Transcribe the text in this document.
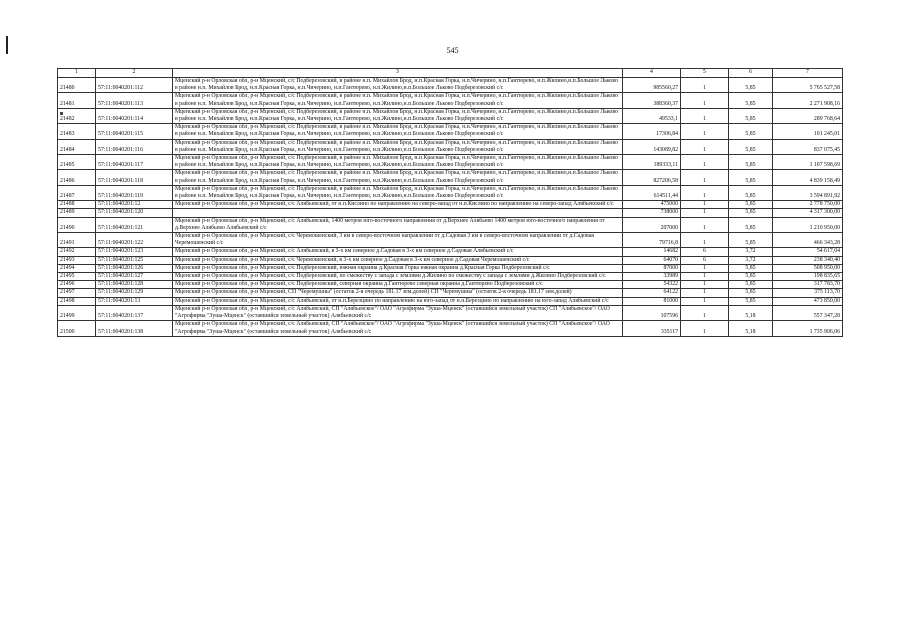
545
1	2	3	4	5	6	7
21480	57:11:0040201:112	Мценский р-н Орловская обл, р-н Мценский, с/с Подберезовский, в районе н.п. Михайлов Брод, н.п.Красная Горка, н.п.Чичерино, н.п.Гантюрево, н.п.Жилино,н.п.Большое Льково в районе н.п. Михайлов Брод, н.п.Красная Горка, н.п.Чичерино, н.п.Гантюрево, н.п.Жилино,н.п.Большое Льково Подберезовский с/с	985560,27	1	5,85	5 765 527,58
21481	57:11:0040201:113	Мценский р-н Орловская обл, р-н Мценский, с/с Подберезовский, в районе н.п. Михайлов Брод, н.п.Красная Горка, н.п.Чичерино, н.п.Гантюрево, н.п.Жилино,н.п.Большое Льково в районе н.п. Михайлов Брод, н.п.Красная Горка, н.п.Чичерино, н.п.Гантюрево, н.п.Жилино,н.п.Большое Льково Подберезовский с/с	388360,37	1	5,85	2 271 908,16
21482	57:11:0040201:114	Мценский р-н Орловская обл, р-н Мценский, с/с Подберезовский, в районе н.п. Михайлов Брод, н.п.Красная Горка, н.п.Чичерино, н.п.Гантюрево, н.п.Жилино,н.п.Большое Льково в районе н.п. Михайлов Брод, н.п.Красная Горка, н.п.Чичерино, н.п.Гантюрево, н.п.Жилино,н.п.Большое Льково Подберезовский с/с	49533,1	1	5,85	289 768,64
21483	57:11:0040201:115	Мценский р-н Орловская обл, р-н Мценский, с/с Подберезовский, в районе н.п. Михайлов Брод, н.п.Красная Горка, н.п.Чичерино, н.п.Гантюрево, н.п.Жилино,н.п.Большое Льково в районе н.п. Михайлов Брод, н.п.Красная Горка, н.п.Чичерино, н.п.Гантюрево, н.п.Жилино,н.п.Большое Льково Подберезовский с/с	17306,84	1	5,85	101 245,01
21484	57:11:0040201:116	Мценский р-н Орловская обл, р-н Мценский, с/с Подберезовский, в районе н.п. Михайлов Брод, н.п.Красная Горка, н.п.Чичерино, н.п.Гантюрево, н.п.Жилино,н.п.Большое Льково в районе н.п. Михайлов Брод, н.п.Красная Горка, н.п.Чичерино, н.п.Гантюрево, н.п.Жилино,н.п.Большое Льково Подберезовский с/с	143089,82	1	5,85	837 075,45
21485	57:11:0040201:117	Мценский р-н Орловская обл, р-н Мценский, с/с Подберезовский, в районе н.п. Михайлов Брод, н.п.Красная Горка, н.п.Чичерино, н.п.Гантюрево, н.п.Жилино,н.п.Большое Льково в районе н.п. Михайлов Брод, н.п.Красная Горка, н.п.Чичерино, н.п.Гантюрево, н.п.Жилино,н.п.Большое Льково Подберезовский с/с	189333,11	1	5,85	1 107 598,69
21486	57:11:0040201:118	Мценский р-н Орловская обл, р-н Мценский, с/с Подберезовский, в районе н.п. Михайлов Брод, н.п.Красная Горка, н.п.Чичерино, н.п.Гантюрево, н.п.Жилино,н.п.Большое Льково в районе н.п. Михайлов Брод, н.п.Красная Горка, н.п.Чичерино, н.п.Гантюрево, н.п.Жилино,н.п.Большое Льково Подберезовский с/с	827206,58	1	5,85	4 839 158,49
21487	57:11:0040201:119	Мценский р-н Орловская обл, р-н Мценский, с/с Подберезовский, в районе н.п. Михайлов Брод, н.п.Красная Горка, н.п.Чичерино, н.п.Гантюрево, н.п.Жилино,н.п.Большое Льково в районе н.п. Михайлов Брод, н.п.Красная Горка, н.п.Чичерино, н.п.Гантюрево, н.п.Жилино,н.п.Большое Льково Подберезовский с/с	614511,44	1	5,85	3 594 891,92
21488	57:11:0040201:12	Мценский р-н Орловская обл, р-н Мценский, с/с Алябьевский, от н.п.Кислино по направлению на северо-запад от н.п.Кислино по направлению на северо-запад Алябьевский с/с	475000	1	5,85	2 778 750,00
21489	57:11:0040201:120		738000	1	5,85	4 317 300,00
21490	57:11:0040201:121	Мценский р-н Орловская обл, р-н Мценский, с/с Алябьевский, 1400 метров юго-восточного направления от д.Верхнее Алябьево 1400 метров юго-восточного направления от д.Верхнее Алябьево Алябьевский с/с	207000	1	5,85	1 210 950,00
21491	57:11:0040201:122	Мценский р-н Орловская обл, р-н Мценский, с/с Черемошенский, 3 км в северо-восточном направлении от д.Садовая 3 км в северо-восточном направлении от д.Садовая Черемошенский с/с	79716,8	1	5,85	466 343,28
21492	57:11:0040201:123	Мценский р-н Орловская обл, р-н Мценский, с/с Алябьевский, в 3-х км северное д.Садовая в 3-х км северное д.Садовая Алябьевский с/с	14682	6	3,72	54 617,04
21493	57:11:0040201:125	Мценский р-н Орловская обл, р-н Мценский, с/с Черемошенский, в 3-х км северное д.Садовая в 3-х км северное д.Садовая Черемошенский с/с	64070	6	3,72	238 340,40
21494	57:11:0040201:126	Мценский р-н Орловская обл, р-н Мценский, с/с Подберезовский, южная окраина д.Красная Горка южная окраина д.Красная Горка Подберезовский с/с	87000	1	5,85	508 950,00
21495	57:11:0040201:127	Мценский р-н Орловская обл, р-н Мценский, с/с Подберезовский, по смежеству с запада с землями д.Жилино по смежеству с запада с землями д.Жилино Подберезовский с/с	33989	1	5,85	198 835,65
21496	57:11:0040201:128	Мценский р-н Орловская обл, р-н Мценский, с/с Подберезовский, северная окраина д.Гантюрево северная окраина д.Гантюрево Подберезовский с/с	54322	1	5,85	317 783,70
21497	57:11:0040201:129	Мценский р-н Орловская обл, р-н Мценский, СП "Черемушны" (остаток 2-я очередь 181.17 зем.долей) СП "Черемушны" (остаток 2-я очередь 181.17 зем.долей)	64122	1	5,85	375 113,70
21498	57:11:0040201:13	Мценский р-н Орловская обл, р-н Мценский, с/с Алябьевский, от н.п.Березцино по направлению на юго-запад от н.п.Березцино по направлению на юго-запад Алябьевский с/с	81000	1	5,85	473 850,00
21499	57:11:0040201:137	Мценский р-н Орловская обл, р-н Мценский, с/с Алябьевский, СП "Алябьевское"/ ОАО "Агрофирма "Зуша-Мценск" (оставшийся земельный участок) СП "Алябьевское"/ ОАО "Агрофирма "Зуша-Мценск" (оставшийся земельный участок) Алябьевский с/с	107596	1	5,18	557 347,28
21500	57:11:0040201:138	Мценский р-н Орловская обл, р-н Мценский, с/с Алябьевский, СП "Алябьевское"/ ОАО "Агрофирма "Зуша-Мценск" (оставшийся земельный участок) СП "Алябьевское"/ ОАО "Агрофирма "Зуша-Мценск" (оставшийся земельный участок) Алябьевский с/с	335117	1	5,18	1 735 906,06
